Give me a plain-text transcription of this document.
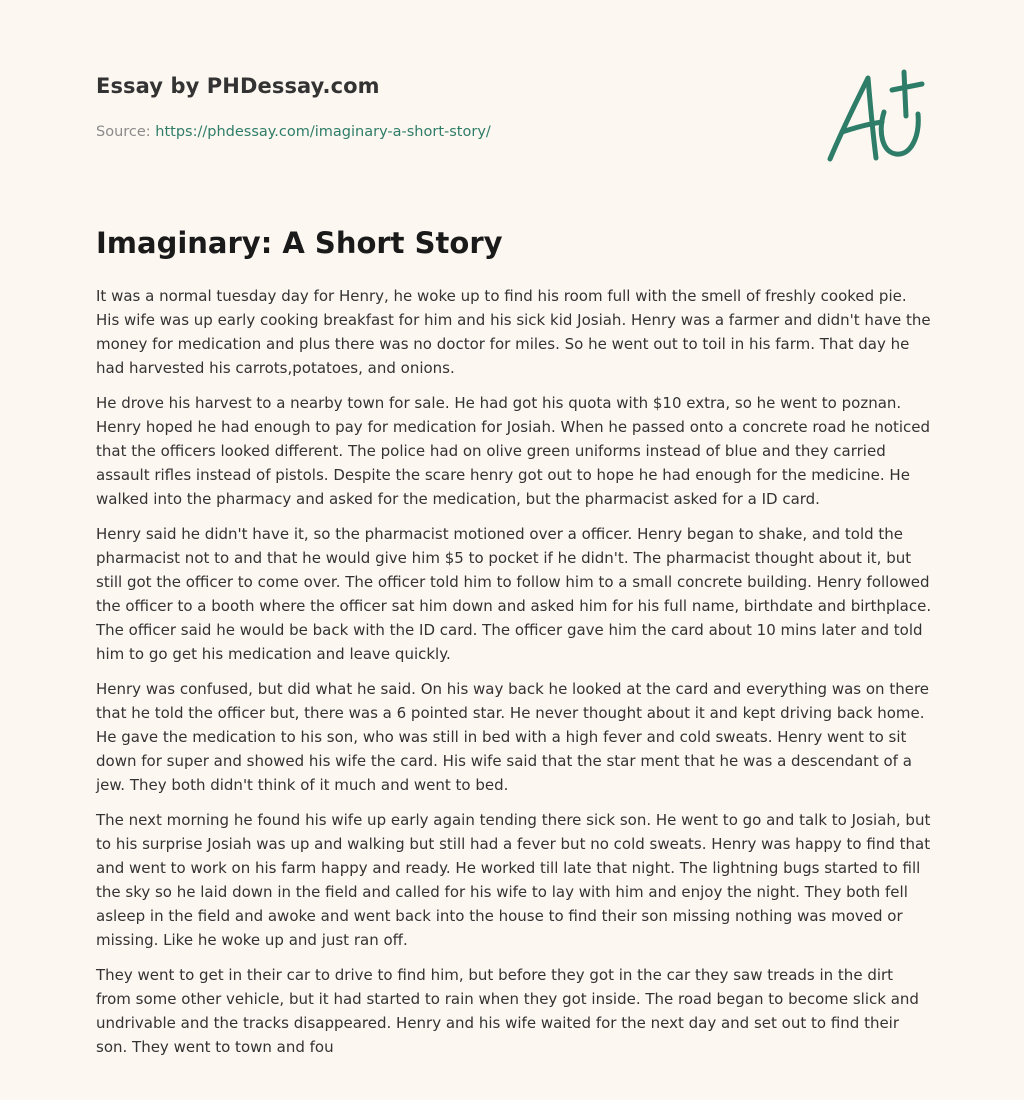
Essay by PHDessay.com
Source: https://phdessay.com/imaginary-a-short-story/
Imaginary: A Short Story

It was a normal tuesday day for Henry, he woke up to find his room full with the smell of freshly cooked pie. His wife was up early cooking breakfast for him and his sick kid Josiah. Henry was a farmer and didn't have the money for medication and plus there was no doctor for miles. So he went out to toil in his farm. That day he had harvested his carrots,potatoes, and onions.

He drove his harvest to a nearby town for sale. He had got his quota with $10 extra, so he went to poznan. Henry hoped he had enough to pay for medication for Josiah. When he passed onto a concrete road he noticed that the officers looked different. The police had on olive green uniforms instead of blue and they carried assault rifles instead of pistols. Despite the scare henry got out to hope he had enough for the medicine. He walked into the pharmacy and asked for the medication, but the pharmacist asked for a ID card.

Henry said he didn't have it, so the pharmacist motioned over a officer. Henry began to shake, and told the pharmacist not to and that he would give him $5 to pocket if he didn't. The pharmacist thought about it, but still got the officer to come over. The officer told him to follow him to a small concrete building. Henry followed the officer to a booth where the officer sat him down and asked him for his full name, birthdate and birthplace. The officer said he would be back with the ID card. The officer gave him the card about 10 mins later and told him to go get his medication and leave quickly.

Henry was confused, but did what he said. On his way back he looked at the card and everything was on there that he told the officer but, there was a 6 pointed star. He never thought about it and kept driving back home. He gave the medication to his son, who was still in bed with a high fever and cold sweats. Henry went to sit down for super and showed his wife the card. His wife said that the star ment that he was a descendant of a jew. They both didn't think of it much and went to bed.

The next morning he found his wife up early again tending there sick son. He went to go and talk to Josiah, but to his surprise Josiah was up and walking but still had a fever but no cold sweats. Henry was happy to find that and went to work on his farm happy and ready. He worked till late that night. The lightning bugs started to fill the sky so he laid down in the field and called for his wife to lay with him and enjoy the night. They both fell asleep in the field and awoke and went back into the house to find their son missing nothing was moved or missing. Like he woke up and just ran off.

They went to get in their car to drive to find him, but before they got in the car they saw treads in the dirt from some other vehicle, but it had started to rain when they got inside. The road began to become slick and undrivable and the tracks disappeared. Henry and his wife waited for the next day and set out to find their son. They went to town and fou
